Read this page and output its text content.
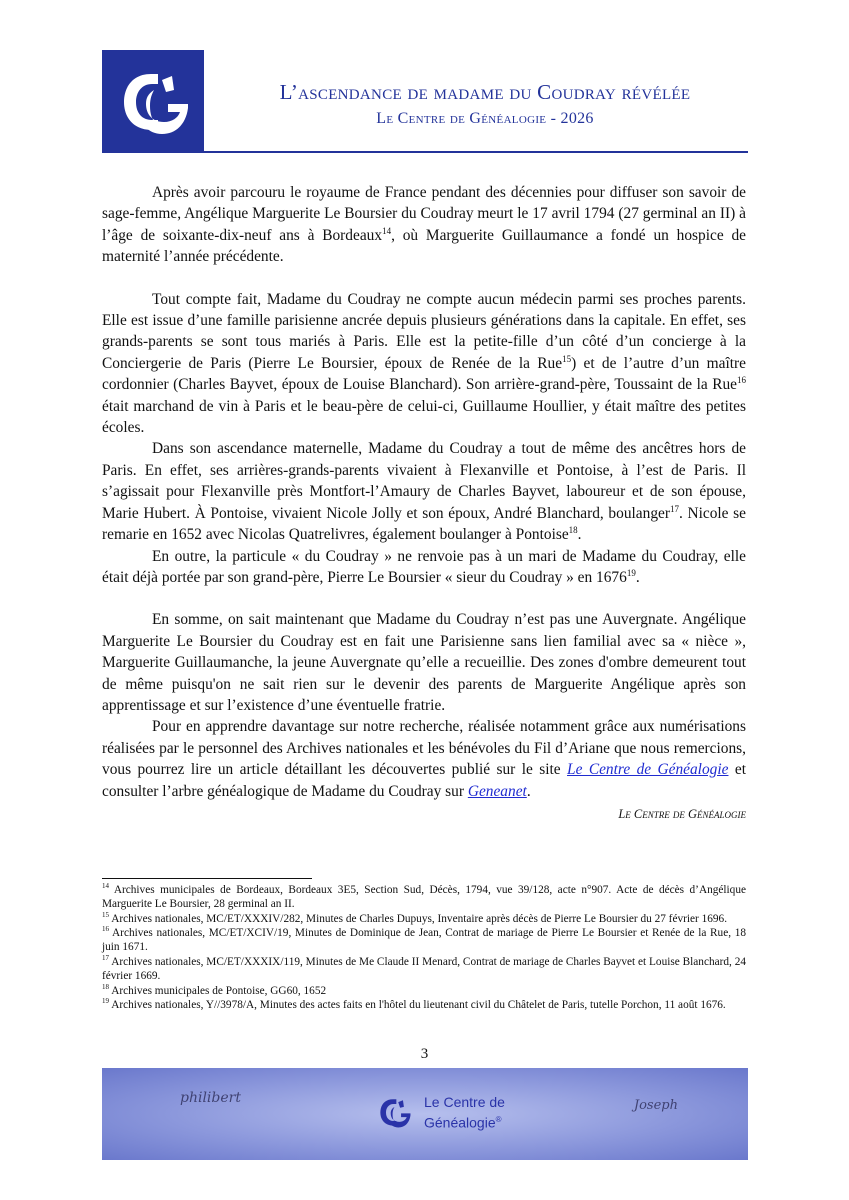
L’ascendance de madame du Coudray révélée
Le Centre de Généalogie - 2026

Après avoir parcouru le royaume de France pendant des décennies pour diffuser son savoir de sage-femme, Angélique Marguerite Le Boursier du Coudray meurt le 17 avril 1794 (27 germinal an II) à l’âge de soixante-dix-neuf ans à Bordeaux$^{14}$, où Marguerite Guillaumance a fondé un hospice de maternité l’année précédente.

Tout compte fait, Madame du Coudray ne compte aucun médecin parmi ses proches parents. Elle est issue d’une famille parisienne ancrée depuis plusieurs générations dans la capitale. En effet, ses grands-parents se sont tous mariés à Paris. Elle est la petite-fille d’un côté d’un concierge à la Conciergerie de Paris (Pierre Le Boursier, époux de Renée de la Rue$^{15}$) et de l’autre d’un maître cordonnier (Charles Bayvet, époux de Louise Blanchard). Son arrière-grand-père, Toussaint de la Rue$^{16}$ était marchand de vin à Paris et le beau-père de celui-ci, Guillaume Houllier, y était maître des petites écoles.

Dans son ascendance maternelle, Madame du Coudray a tout de même des ancêtres hors de Paris. En effet, ses arrières-grands-parents vivaient à Flexanville et Pontoise, à l’est de Paris. Il s’agissait pour Flexanville près Montfort-l’Amaury de Charles Bayvet, laboureur et de son épouse, Marie Hubert. À Pontoise, vivaient Nicole Jolly et son époux, André Blanchard, boulanger$^{17}$. Nicole se remarie en 1652 avec Nicolas Quatrelivres, également boulanger à Pontoise$^{18}$.

En outre, la particule « du Coudray » ne renvoie pas à un mari de Madame du Coudray, elle était déjà portée par son grand-père, Pierre Le Boursier « sieur du Coudray » en 1676$^{19}$.

En somme, on sait maintenant que Madame du Coudray n’est pas une Auvergnate. Angélique Marguerite Le Boursier du Coudray est en fait une Parisienne sans lien familial avec sa « nièce », Marguerite Guillaumanche, la jeune Auvergnate qu’elle a recueillie. Des zones d'ombre demeurent tout de même puisqu'on ne sait rien sur le devenir des parents de Marguerite Angélique après son apprentissage et sur l’existence d’une éventuelle fratrie.

Pour en apprendre davantage sur notre recherche, réalisée notamment grâce aux numérisations réalisées par le personnel des Archives nationales et les bénévoles du Fil d’Ariane que nous remercions, vous pourrez lire un article détaillant les découvertes publié sur le site Le Centre de Généalogie et consulter l’arbre généalogique de Madame du Coudray sur Geneanet.

Le Centre de Généalogie

$^{14}$ Archives municipales de Bordeaux, Bordeaux 3E5, Section Sud, Décès, 1794, vue 39/128, acte n°907. Acte de décès d’Angélique Marguerite Le Boursier, 28 germinal an II.

$^{15}$ Archives nationales, MC/ET/XXXIV/282, Minutes de Charles Dupuys, Inventaire après décès de Pierre Le Boursier du 27 février 1696.

$^{16}$ Archives nationales, MC/ET/XCIV/19, Minutes de Dominique de Jean, Contrat de mariage de Pierre Le Boursier et Renée de la Rue, 18 juin 1671.

$^{17}$ Archives nationales, MC/ET/XXXIX/119, Minutes de Me Claude II Menard, Contrat de mariage de Charles Bayvet et Louise Blanchard, 24 février 1669.

$^{18}$ Archives municipales de Pontoise, GG60, 1652

$^{19}$ Archives nationales, Y//3978/A, Minutes des actes faits en l'hôtel du lieutenant civil du Châtelet de Paris, tutelle Porchon, 11 août 1676.

3
philibert	Le Centre de
Généalogie®
Joseph
